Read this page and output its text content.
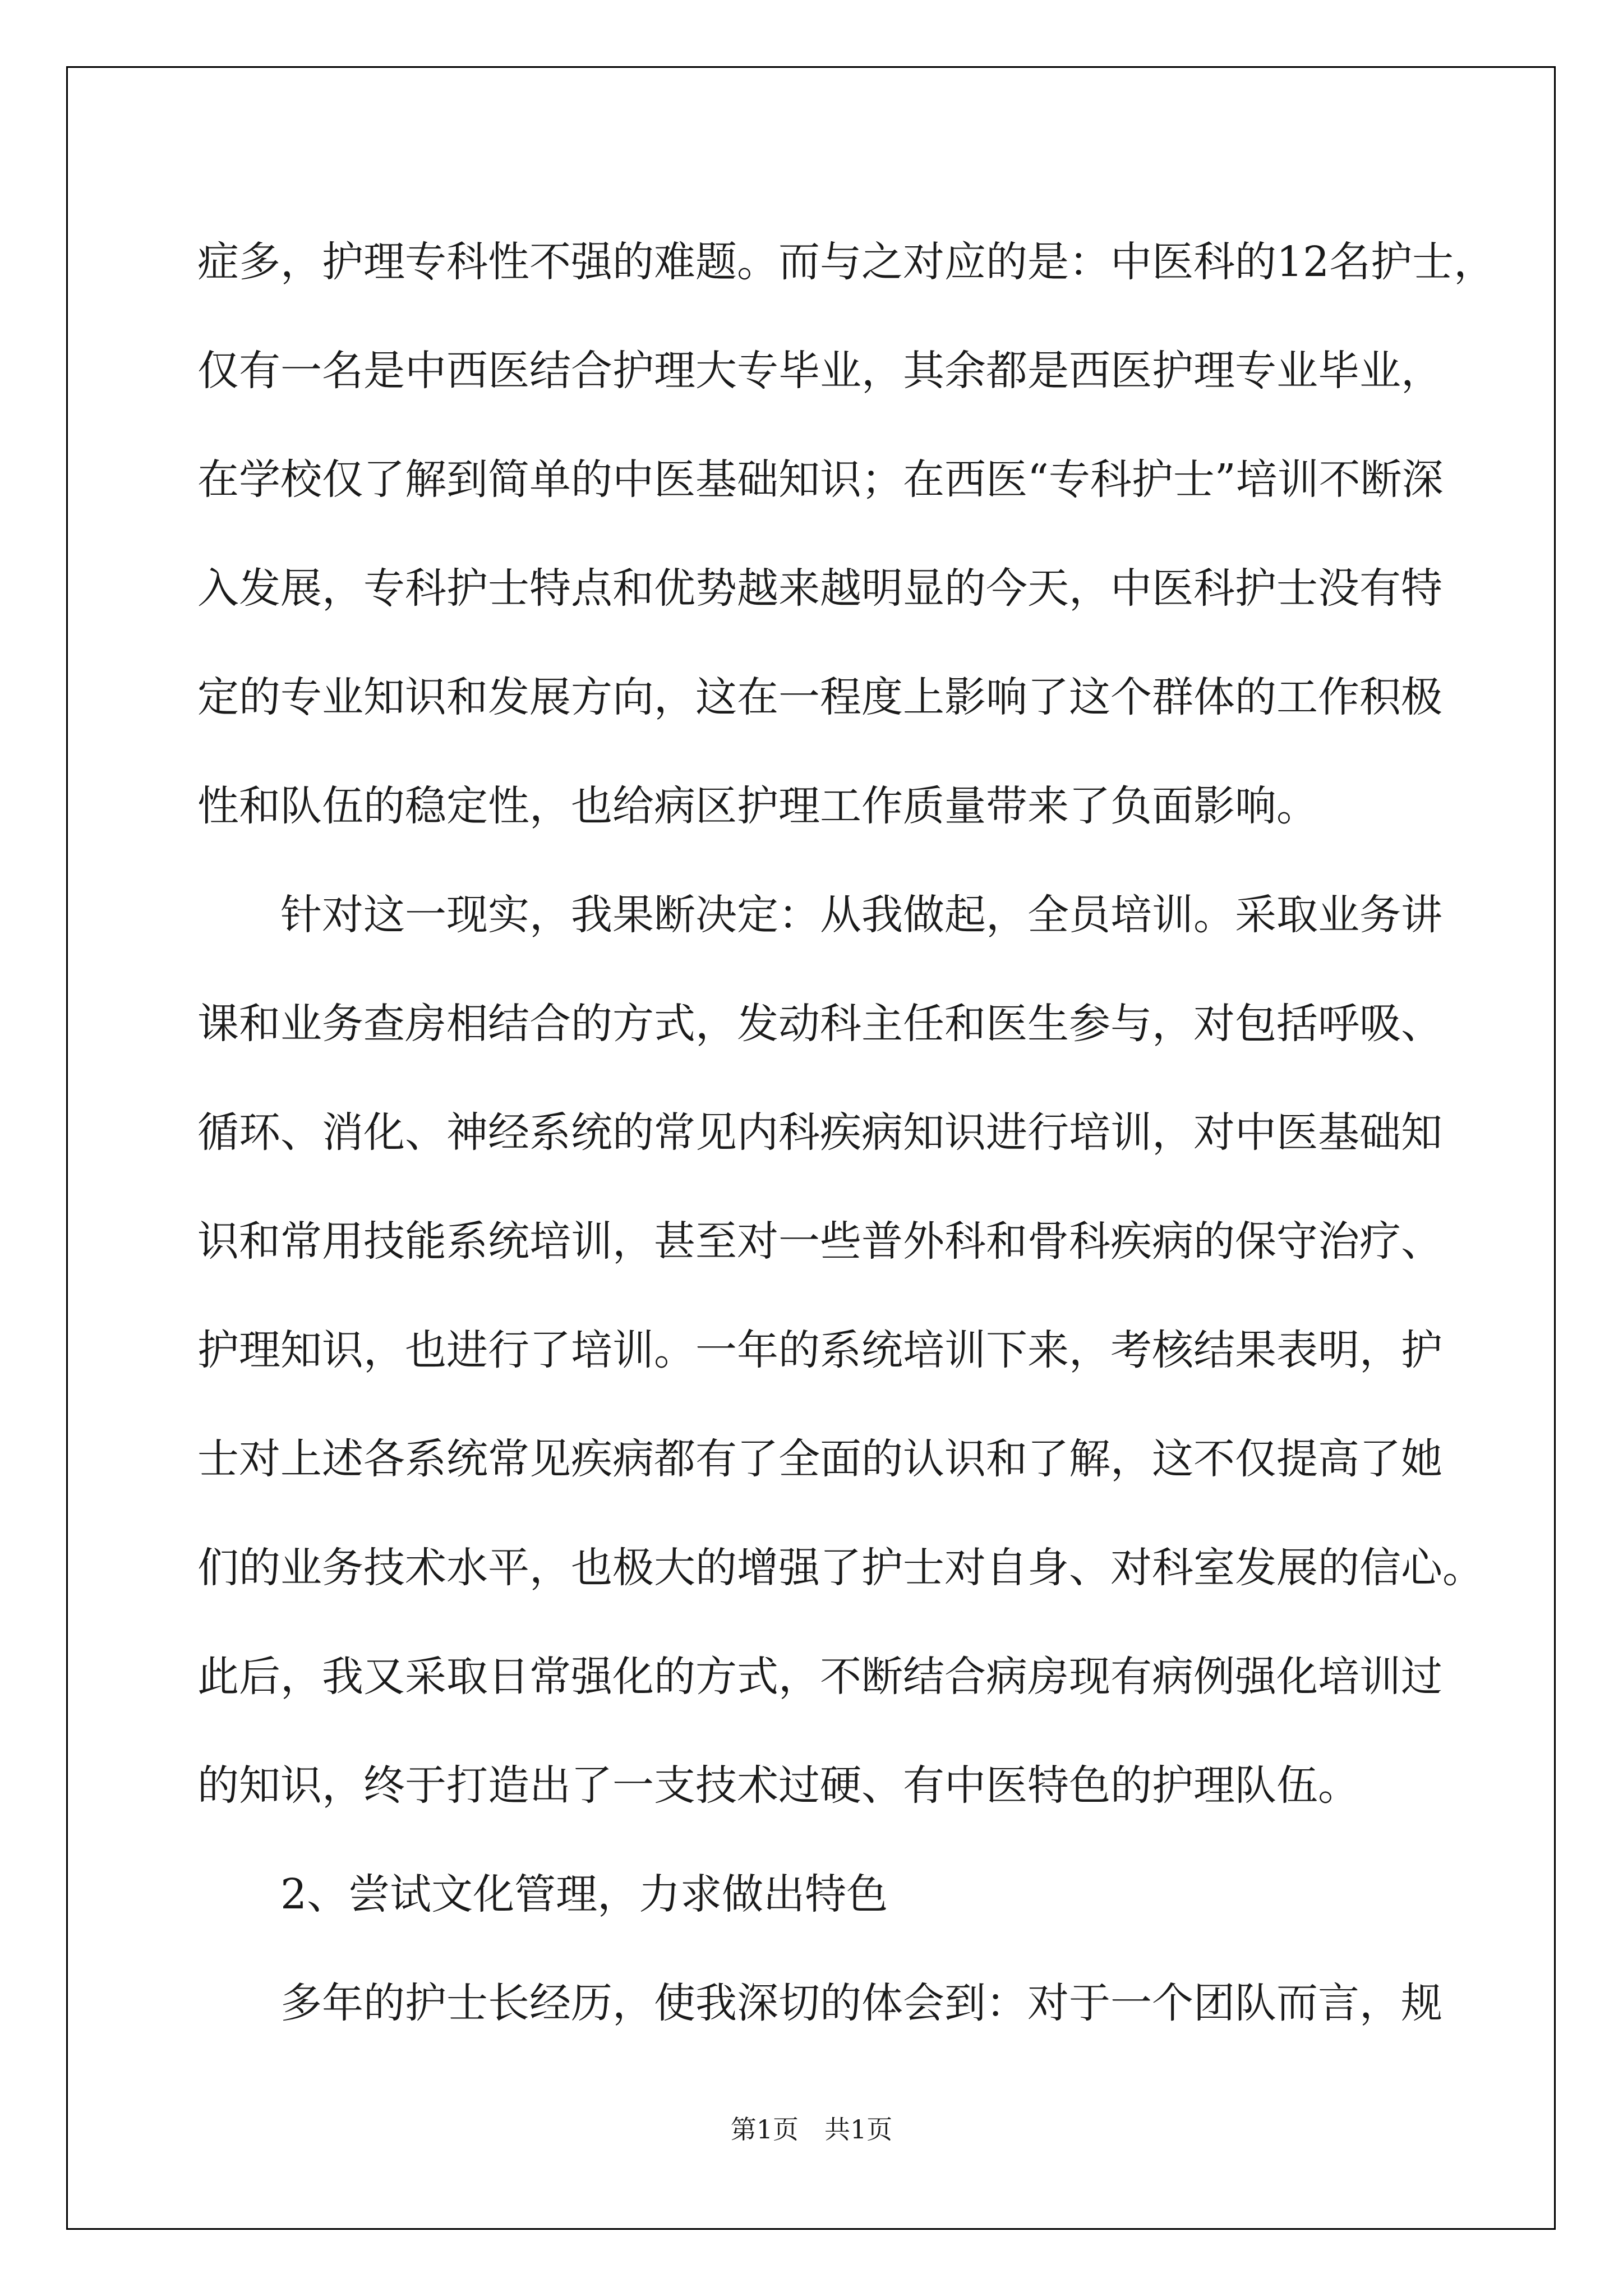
症多，护理专科性不强的难题。而与之对应的是：中医科的12名护士，
仅有一名是中西医结合护理大专毕业，其余都是西医护理专业毕业，
在学校仅了解到简单的中医基础知识；在西医“专科护士”培训不断深
入发展，专科护士特点和优势越来越明显的今天，中医科护士没有特
定的专业知识和发展方向，这在一程度上影响了这个群体的工作积极
性和队伍的稳定性，也给病区护理工作质量带来了负面影响。
　　针对这一现实，我果断决定：从我做起，全员培训。采取业务讲
课和业务查房相结合的方式，发动科主任和医生参与，对包括呼吸、
循环、消化、神经系统的常见内科疾病知识进行培训，对中医基础知
识和常用技能系统培训，甚至对一些普外科和骨科疾病的保守治疗、
护理知识，也进行了培训。一年的系统培训下来，考核结果表明，护
士对上述各系统常见疾病都有了全面的认识和了解，这不仅提高了她
们的业务技术水平，也极大的增强了护士对自身、对科室发展的信心。
此后，我又采取日常强化的方式，不断结合病房现有病例强化培训过
的知识，终于打造出了一支技术过硬、有中医特色的护理队伍。
　　2、尝试文化管理，力求做出特色
　　多年的护士长经历，使我深切的体会到：对于一个团队而言，规
第1页　共1页
